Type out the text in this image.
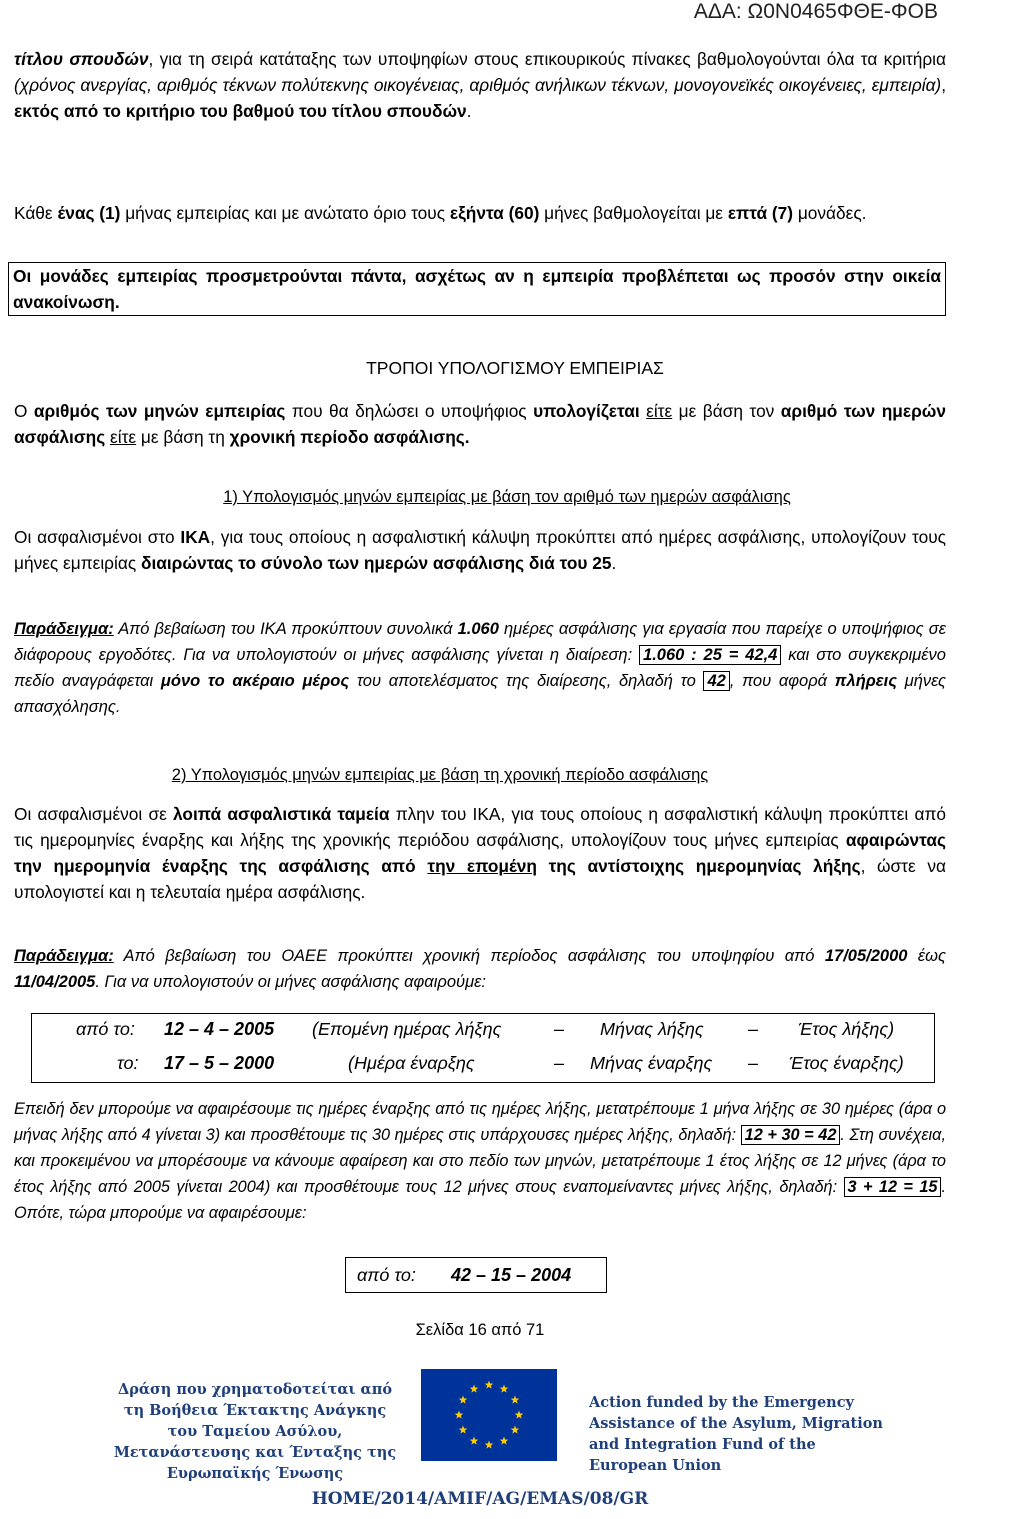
ΑΔΑ: Ω0Ν0465ΦΘΕ-ΦΟΒ
τίτλου σπουδών, για τη σειρά κατάταξης των υποψηφίων στους επικουρικούς πίνακες βαθμολογούνται όλα τα κριτήρια (χρόνος ανεργίας, αριθμός τέκνων πολύτεκνης οικογένειας, αριθμός ανήλικων τέκνων, μονογονεϊκές οικογένειες, εμπειρία), εκτός από το κριτήριο του βαθμού του τίτλου σπουδών.
Κάθε ένας (1) μήνας εμπειρίας και με ανώτατο όριο τους εξήντα (60) μήνες βαθμολογείται με επτά (7) μονάδες.
Οι μονάδες εμπειρίας προσμετρούνται πάντα, ασχέτως αν η εμπειρία προβλέπεται ως προσόν στην οικεία ανακοίνωση.
ΤΡΟΠΟΙ ΥΠΟΛΟΓΙΣΜΟΥ ΕΜΠΕΙΡΙΑΣ
Ο αριθμός των μηνών εμπειρίας που θα δηλώσει ο υποψήφιος υπολογίζεται είτε με βάση τον αριθμό των ημερών ασφάλισης είτε με βάση τη χρονική περίοδο ασφάλισης.
1) Υπολογισμός μηνών εμπειρίας με βάση τον αριθμό των ημερών ασφάλισης
Οι ασφαλισμένοι στο ΙΚΑ, για τους οποίους η ασφαλιστική κάλυψη προκύπτει από ημέρες ασφάλισης, υπολογίζουν τους μήνες εμπειρίας διαιρώντας το σύνολο των ημερών ασφάλισης διά του 25.
Παράδειγμα: Από βεβαίωση του ΙΚΑ προκύπτουν συνολικά 1.060 ημέρες ασφάλισης για εργασία που παρείχε ο υποψήφιος σε διάφορους εργοδότες. Για να υπολογιστούν οι μήνες ασφάλισης γίνεται η διαίρεση: 1.060 : 25 = 42,4 και στο συγκεκριμένο πεδίο αναγράφεται μόνο το ακέραιο μέρος του αποτελέσματος της διαίρεσης, δηλαδή το 42 , που αφορά πλήρεις μήνες απασχόλησης.
2) Υπολογισμός μηνών εμπειρίας με βάση τη χρονική περίοδο ασφάλισης
Οι ασφαλισμένοι σε λοιπά ασφαλιστικά ταμεία πλην του ΙΚΑ, για τους οποίους η ασφαλιστική κάλυψη προκύπτει από τις ημερομηνίες έναρξης και λήξης της χρονικής περιόδου ασφάλισης, υπολογίζουν τους μήνες εμπειρίας αφαιρώντας την ημερομηνία έναρξης της ασφάλισης από την επομένη της αντίστοιχης ημερομηνίας λήξης, ώστε να υπολογιστεί και η τελευταία ημέρα ασφάλισης.
Παράδειγμα: Από βεβαίωση του ΟΑΕΕ προκύπτει χρονική περίοδος ασφάλισης του υποψηφίου από 17/05/2000 έως 11/04/2005. Για να υπολογιστούν οι μήνες ασφάλισης αφαιρούμε:
από το: 12 – 4 – 2005 (Επομένη ημέρας λήξης	– Μήνας λήξης – Έτος λήξης)
το: 17 – 5 – 2000	(Ημέρα έναρξης	– Μήνας έναρξης – Έτος έναρξης)
Επειδή δεν μπορούμε να αφαιρέσουμε τις ημέρες έναρξης από τις ημέρες λήξης, μετατρέπουμε 1 μήνα λήξης σε 30 ημέρες (άρα ο μήνας λήξης από 4 γίνεται 3) και προσθέτουμε τις 30 ημέρες στις υπάρχουσες ημέρες λήξης, δηλαδή: 12 + 30 = 42 . Στη συνέχεια, και προκειμένου να μπορέσουμε να κάνουμε αφαίρεση και στο πεδίο των μηνών, μετατρέπουμε 1 έτος λήξης σε 12 μήνες (άρα το έτος λήξης από 2005 γίνεται 2004) και προσθέτουμε τους 12 μήνες στους εναπομείναντες μήνες λήξης, δηλαδή: 3 + 12 = 15 . Οπότε, τώρα μπορούμε να αφαιρέσουμε:
από το: 42 – 15 – 2004
Σελίδα 16 από 71
Δράση που χρηματοδοτείται από τη Βοήθεια Έκτακτης Ανάγκης του Ταμείου Ασύλου, Μετανάστευσης και Ένταξης της Ευρωπαϊκής Ένωσης
Action funded by the Emergency Assistance of the Asylum, Migration and Integration Fund of the European Union
HOME/2014/AMIF/AG/EMAS/08/GR
